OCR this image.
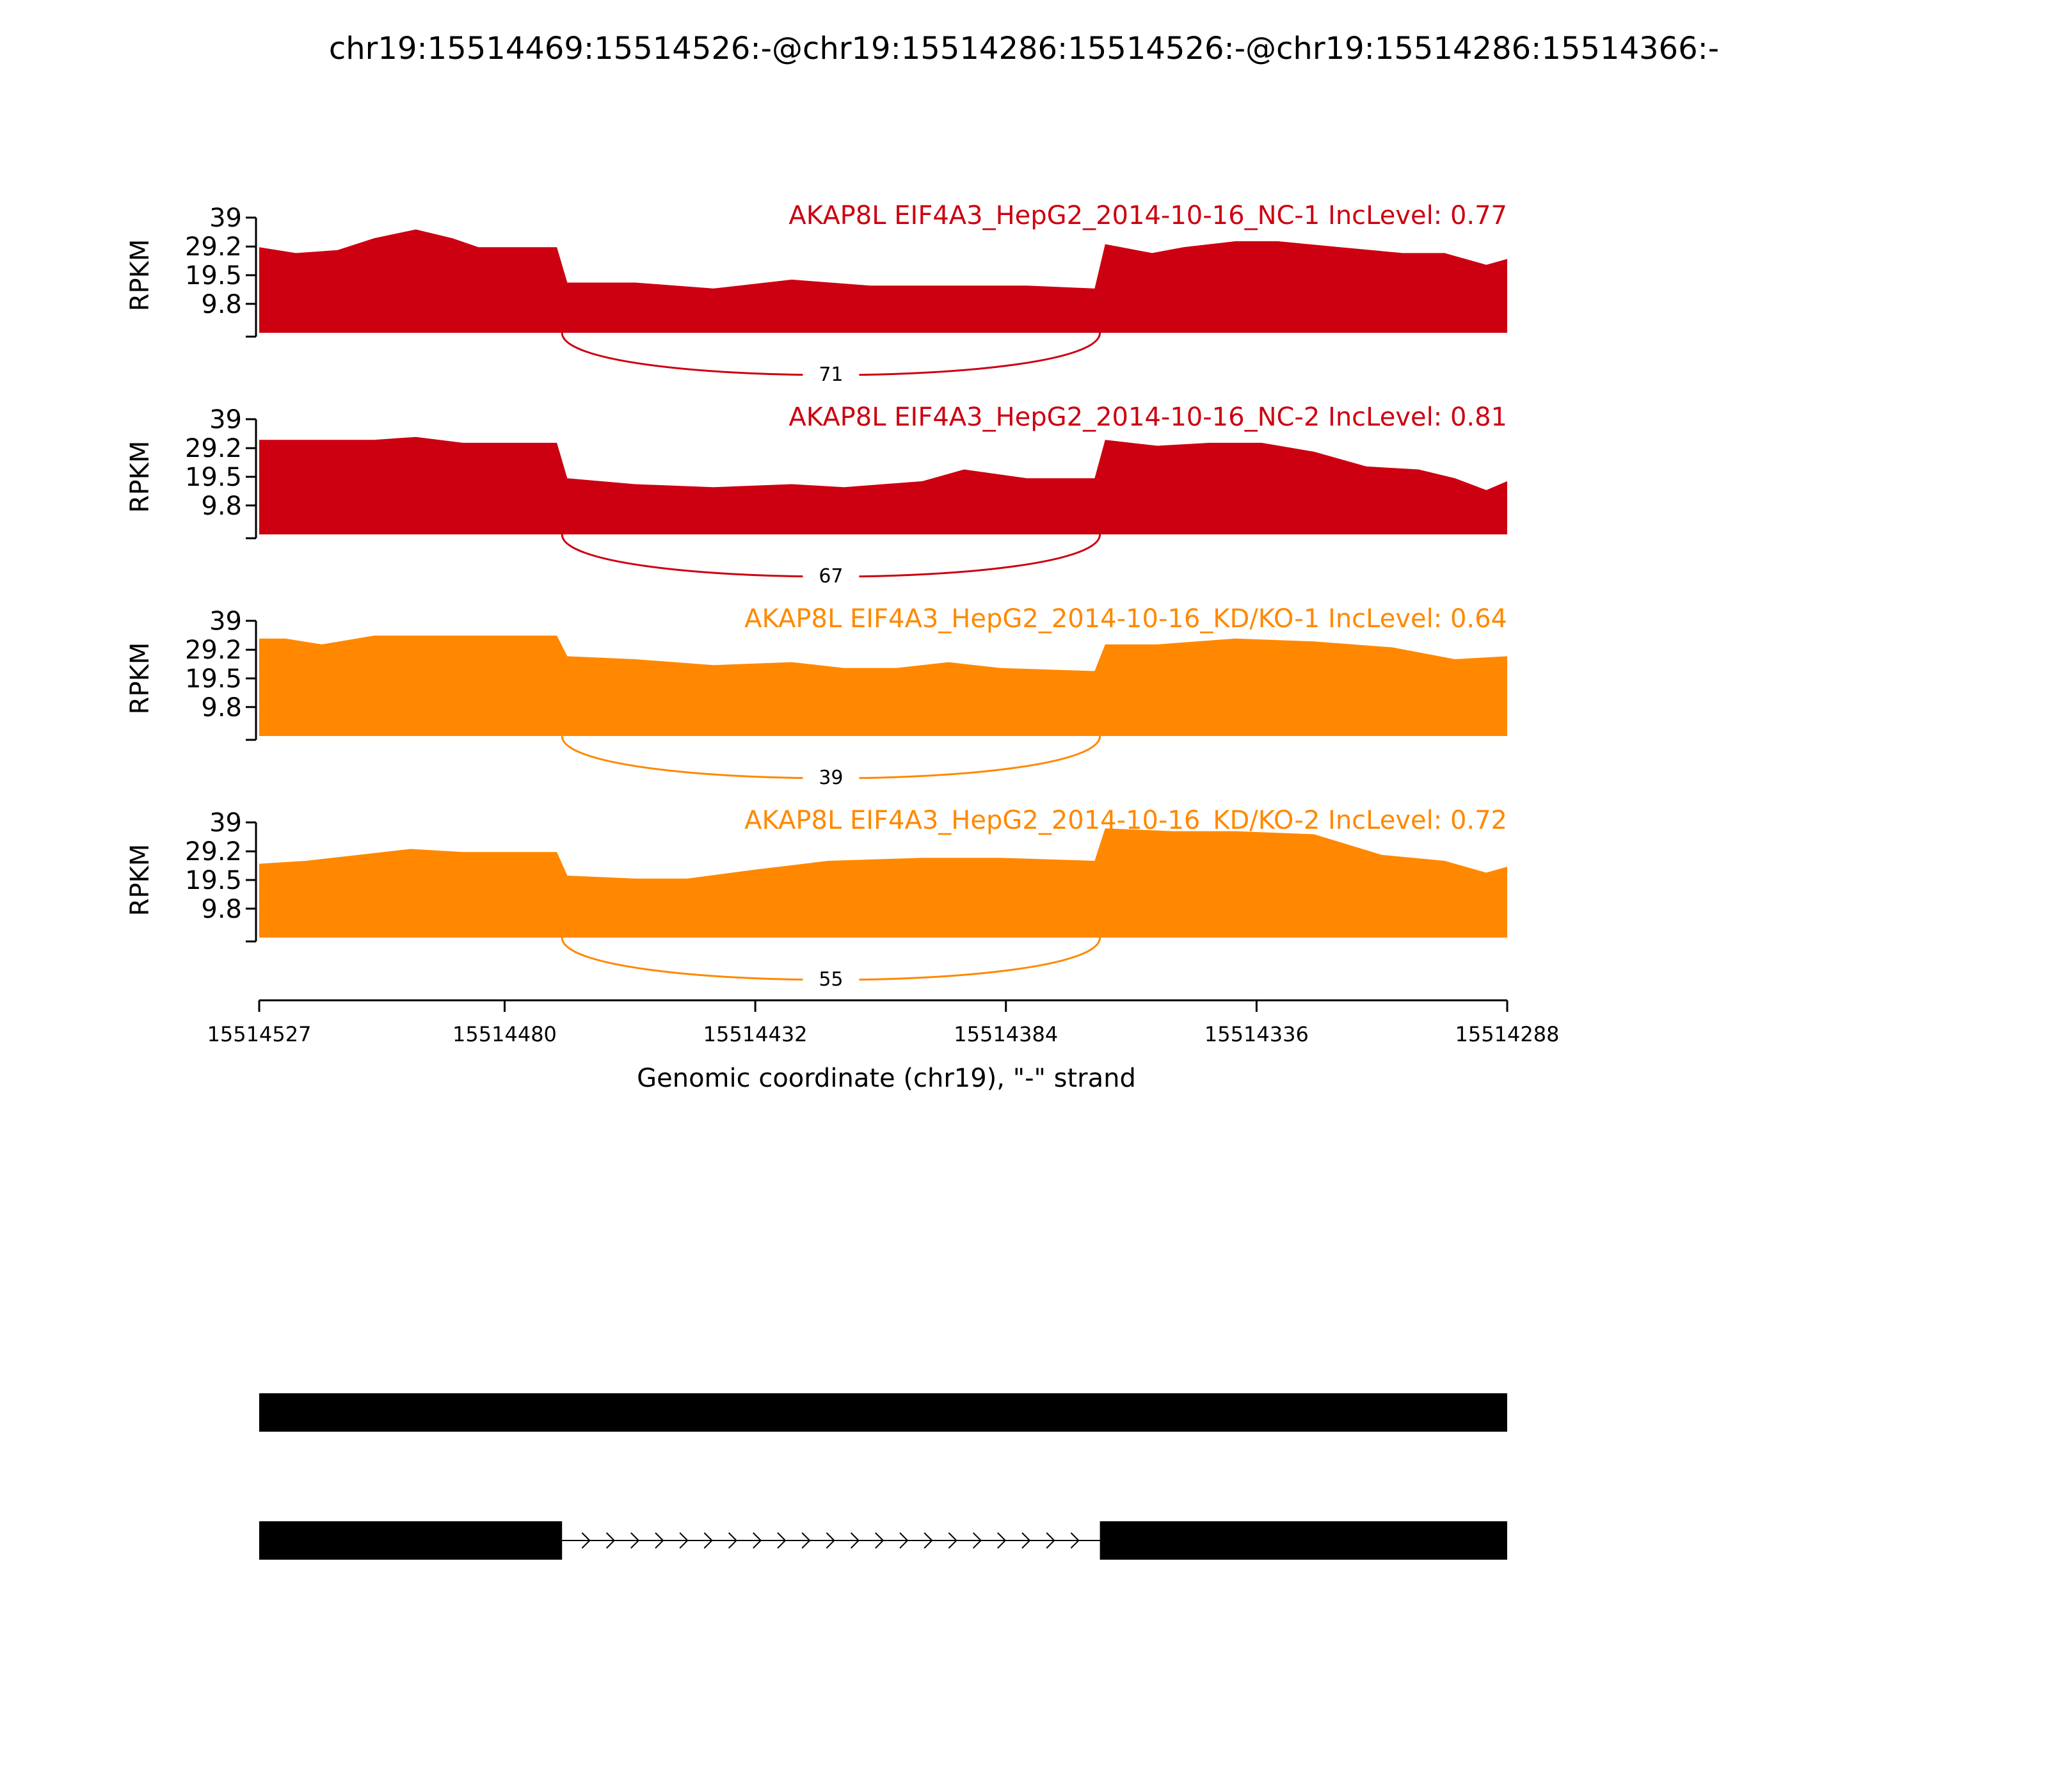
chr19:15514469:15514526:-@chr19:15514286:15514526:-@chr19:15514286:15514366:-
39
29.2
19.5
9.8
RPKM
AKAP8L EIF4A3_HepG2_2014-10-16_NC-1 IncLevel: 0.77
71
39
29.2
19.5
9.8
RPKM
AKAP8L EIF4A3_HepG2_2014-10-16_NC-2 IncLevel: 0.81
67
39
29.2
19.5
9.8
RPKM
AKAP8L EIF4A3_HepG2_2014-10-16_KD/KO-1 IncLevel: 0.64
39
39
29.2
19.5
9.8
RPKM
AKAP8L EIF4A3_HepG2_2014-10-16_KD/KO-2 IncLevel: 0.72
55
15514527	15514480	15514432	15514384	15514336	15514288
Genomic coordinate (chr19), "-" strand
